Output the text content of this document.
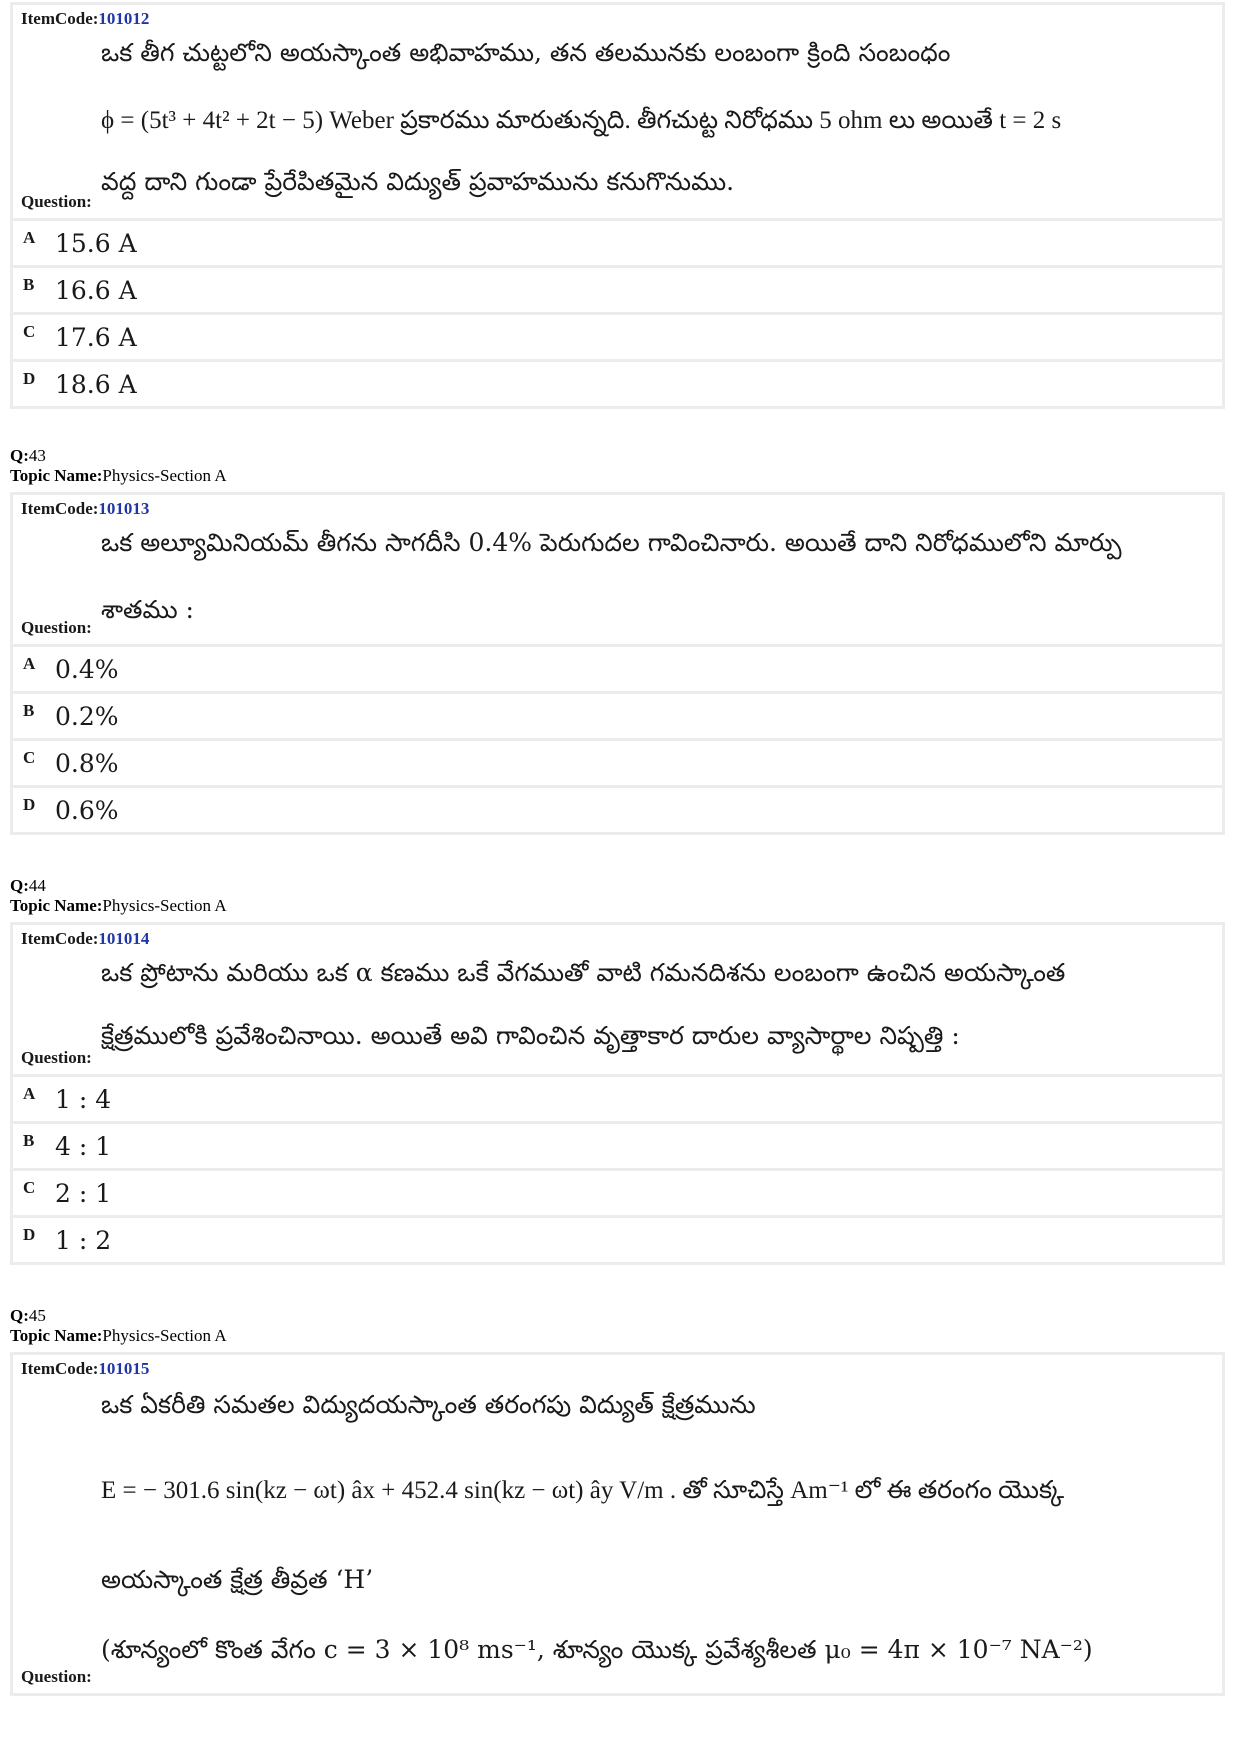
ItemCode:101012
ఒక తీగ చుట్టలోని అయస్కాంత అభివాహము, తన తలమునకు లంబంగా క్రింది సంబంధం
ϕ = (5t³ + 4t² + 2t − 5) Weber ప్రకారము మారుతున్నది. తీగచుట్ట నిరోధము 5 ohm లు అయితే t = 2 s
వద్ద దాని గుండా ప్రేరేపితమైన విద్యుత్ ప్రవాహమును కనుగొనుము.
Question:
A 15.6 A
B 16.6 A
C 17.6 A
D 18.6 A
Q:43
Topic Name:Physics-Section A
ItemCode:101013
ఒక అల్యూమినియమ్ తీగను సాగదీసి 0.4% పెరుగుదల గావించినారు. అయితే దాని నిరోధములోని మార్పు
శాతము :
Question:
A 0.4%
B 0.2%
C 0.8%
D 0.6%
Q:44
Topic Name:Physics-Section A
ItemCode:101014
ఒక ప్రోటాను మరియు ఒక α కణము ఒకే వేగముతో వాటి గమనదిశను లంబంగా ఉంచిన అయస్కాంత
క్షేత్రములోకి ప్రవేశించినాయి. అయితే అవి గావించిన వృత్తాకార దారుల వ్యాసార్థాల నిష్పత్తి :
Question:
A 1 : 4
B 4 : 1
C 2 : 1
D 1 : 2
Q:45
Topic Name:Physics-Section A
ItemCode:101015
ఒక ఏకరీతి సమతల విద్యుదయస్కాంత తరంగపు విద్యుత్ క్షేత్రమును
E = − 301.6 sin(kz − ωt) âx + 452.4 sin(kz − ωt) ây V/m . తో సూచిస్తే Am⁻¹ లో ఈ తరంగం యొక్క
అయస్కాంత క్షేత్ర తీవ్రత ‘H’
(శూన్యంలో కొంత వేగం c = 3 × 10⁸ ms⁻¹, శూన్యం యొక్క ప్రవేశ్యశీలత μ₀ = 4π × 10⁻⁷ NA⁻²)
Question:
